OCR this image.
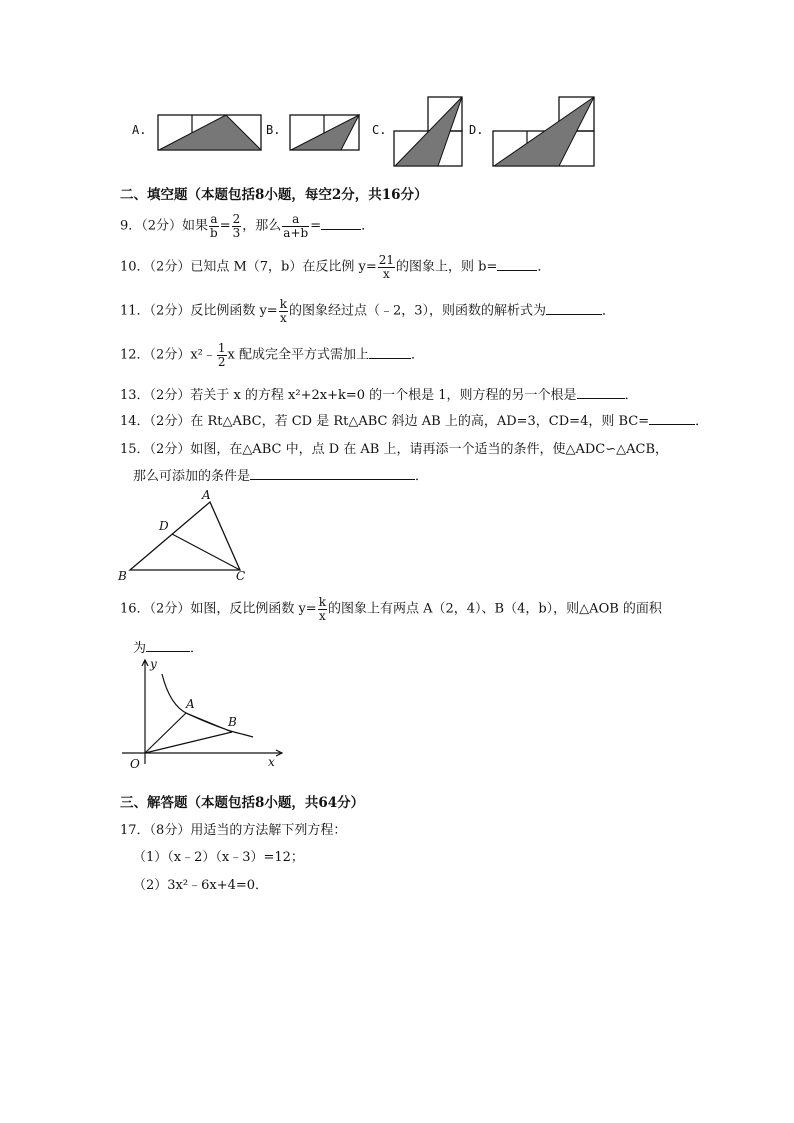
A.	B.	C.	D.
二、填空题（本题包括8小题，每空2分，共16分）
9．（2分）如果 $\frac{a}{b} = \frac{2}{3}$ ，那么 $\frac{a}{a+b}$ =	．
10．（2分）已知点 M（7，b）在反比例 $y= \frac{21}{x}$ 的图象上，则 b=	．
11．（2分）反比例函数 $y= \frac{k}{x}$ 的图象经过点（﹣2，3），则函数的解析式为	．
12．（2分）x²﹣ $\frac{1}{2}$ x 配成完全平方式需加上	．
13．（2分）若关于 x 的方程 x²+2x+k=0 的一个根是 1，则方程的另一个根是	．
14．（2分）在 Rt△ABC，若 CD 是 Rt△ABC 斜边 AB 上的高，AD=3，CD=4，则 BC=	．
15．（2分）如图，在△ABC 中，点 D 在 AB 上，请再添一个适当的条件，使△ADC∽△ACB，
那么可添加的条件是	．
A
D
B	C
16．（2分）如图，反比例函数 $y= \frac{k}{x}$ 的图象上有两点 A（2，4）、B（4，b），则△AOB 的面积
为	．
y
x
O
A
B
三、解答题（本题包括8小题，共64分）
17．（8分）用适当的方法解下列方程：
（1）（x﹣2）（x﹣3）=12；
（2）3x²﹣6x+4=0．
